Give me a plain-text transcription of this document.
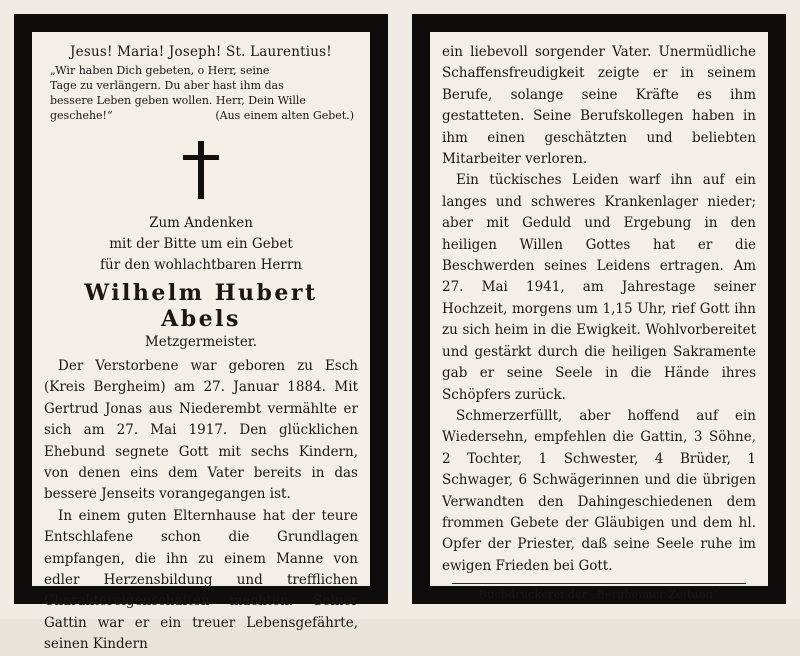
Jesus! Maria! Joseph! St. Laurentius!
„Wir haben Dich gebeten, o Herr, seine
Tage zu verlängern. Du aber hast ihm das
bessere Leben geben wollen. Herr, Dein Wille
geschehe!“	(Aus einem alten Gebet.)
Zum Andenken
mit der Bitte um ein Gebet
für den wohlachtbaren Herrn
Wilhelm Hubert Abels
Metzgermeister.

Der Verstorbene war geboren zu Esch (Kreis Bergheim) am 27. Januar 1884. Mit Gertrud Jonas aus Niederembt vermählte er sich am 27. Mai 1917. Den glücklichen Ehebund segnete Gott mit sechs Kindern, von denen eins dem Vater bereits in das bessere Jenseits vorangegangen ist.

In einem guten Elternhause hat der teure Entschlafene schon die Grundlagen empfangen, die ihn zu einem Manne von edler Herzensbildung und trefflichen Charaktereigenschaften machten. Seiner Gattin war er ein treuer Lebensgefährte, seinen Kindern

ein liebevoll sorgender Vater. Unermüdliche Schaffensfreudigkeit zeigte er in seinem Berufe, solange seine Kräfte es ihm gestatteten. Seine Berufskollegen haben in ihm einen geschätzten und beliebten Mitarbeiter verloren.

Ein tückisches Leiden warf ihn auf ein langes und schweres Krankenlager nieder; aber mit Geduld und Ergebung in den heiligen Willen Gottes hat er die Beschwerden seines Leidens ertragen. Am 27. Mai 1941, am Jahrestage seiner Hochzeit, morgens um 1,15 Uhr, rief Gott ihn zu sich heim in die Ewigkeit. Wohlvorbereitet und gestärkt durch die heiligen Sakramente gab er seine Seele in die Hände ihres Schöpfers zurück.

Schmerzerfüllt, aber hoffend auf ein Wiedersehn, empfehlen die Gattin, 3 Söhne, 2 Tochter, 1 Schwester, 4 Brüder, 1 Schwager, 6 Schwägerinnen und die übrigen Verwandten den Dahingeschiedenen dem frommen Gebete der Gläubigen und dem hl. Opfer der Priester, daß seine Seele ruhe im ewigen Frieden bei Gott.

Buchdruckerei der „Bergheimer Zeitung“
